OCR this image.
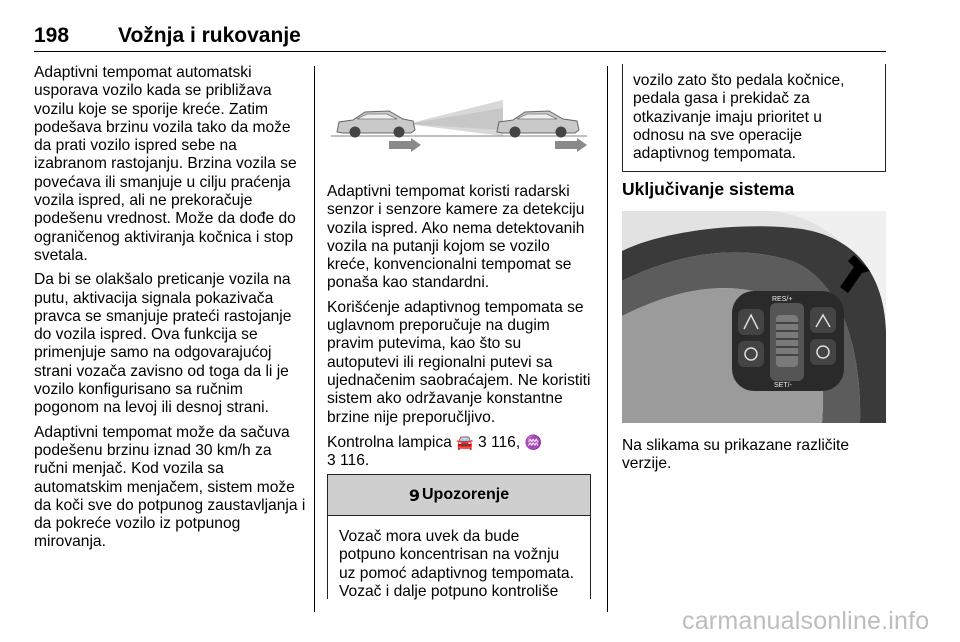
198 Vožnja i rukovanje

Adaptivni tempomat automatski usporava vozilo kada se približava vozilu koje se sporije kreće. Zatim podešava brzinu vozila tako da može da prati vozilo ispred sebe na izabranom rastojanju. Brzina vozila se povećava ili smanjuje u cilju praćenja vozila ispred, ali ne prekoračuje podešenu vrednost. Može da dođe do ograničenog aktiviranja kočnica i stop svetala.

Da bi se olakšalo preticanje vozila na putu, aktivacija signala pokazivača pravca se smanjuje prateći rastojanje do vozila ispred. Ova funkcija se primenjuje samo na odgovarajućoj strani vozača zavisno od toga da li je vozilo konfigurisano sa ručnim pogonom na levoj ili desnoj strani.

Adaptivni tempomat može da sačuva podešenu brzinu iznad 30 km/h za ručni menjač. Kod vozila sa automatskim menjačem, sistem može da koči sve do potpunog zaustavljanja i da pokreće vozilo iz potpunog mirovanja.

Adaptivni tempomat koristi radarski senzor i senzore kamere za detekciju vozila ispred. Ako nema detektovanih vozila na putanji kojom se vozilo kreće, konvencionalni tempomat se ponaša kao standardni.

Korišćenje adaptivnog tempomata se uglavnom preporučuje na dugim pravim putevima, kao što su autoputevi ili regionalni putevi sa ujednačenim saobraćajem. Ne koristiti sistem ako održavanje konstantne brzine nije preporučljivo.

Kontrolna lampica 🚘 3 116, ♒
3 116.

9 Upozorenje
Vozač mora uvek da bude potpuno koncentrisan na vožnju uz pomoć adaptivnog tempomata. Vozač i dalje potpuno kontroliše
vozilo zato što pedala kočnice, pedala gasa i prekidač za otkazivanje imaju prioritet u odnosu na sve operacije adaptivnog tempomata.
Uključivanje sistema
RES/+
SET/-
Na slikama su prikazane različite verzije.
carmanualsonline.info
